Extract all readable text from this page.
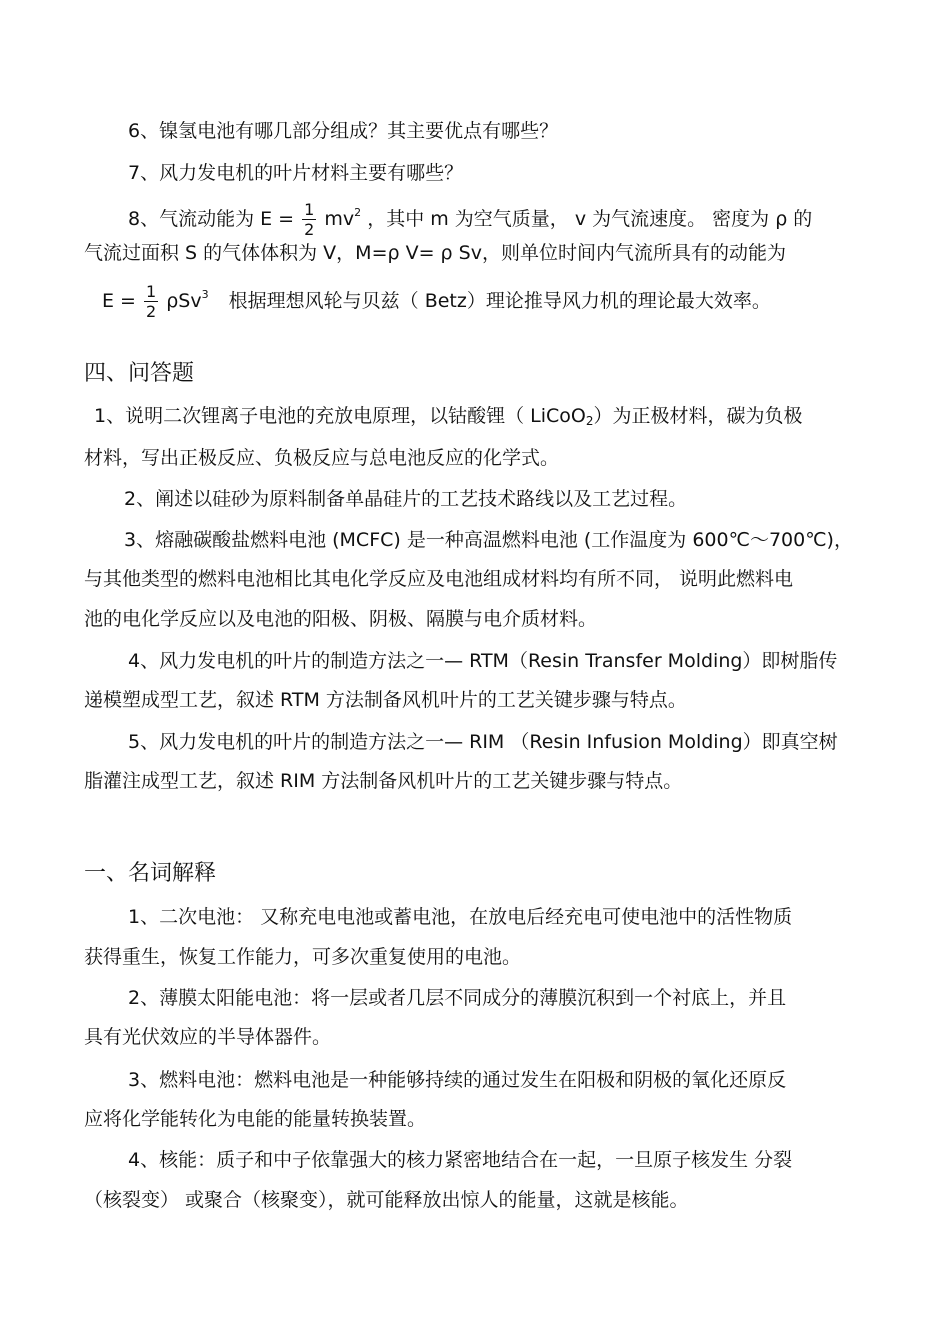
6、镍氢电池有哪几部分组成？其主要优点有哪些？
7、风力发电机的叶片材料主要有哪些？
8、气流动能为 $E = \frac{1}{2} mv^2$ ，其中 m 为空气质量， v 为气流速度。 密度为 ρ 的
气流过面积 S 的气体体积为 V，M=ρ V= ρ Sv，则单位时间内气流所具有的动能为
$E = \frac{1}{2} \rho Sv^3$ 根据理想风轮与贝兹（ Betz）理论推导风力机的理论最大效率。
四、问答题
1、说明二次锂离子电池的充放电原理，以钴酸锂（ LiCoO$_2$）为正极材料，碳为负极
材料，写出正极反应、负极反应与总电池反应的化学式。
2、阐述以硅砂为原料制备单晶硅片的工艺技术路线以及工艺过程。
3、熔融碳酸盐燃料电池 (MCFC) 是一种高温燃料电池 (工作温度为 600℃～700℃)，
与其他类型的燃料电池相比其电化学反应及电池组成材料均有所不同， 说明此燃料电
池的电化学反应以及电池的阳极、阴极、隔膜与电介质材料。
4、风力发电机的叶片的制造方法之一— RTM（Resin Transfer Molding）即树脂传
递模塑成型工艺，叙述 RTM 方法制备风机叶片的工艺关键步骤与特点。
5、风力发电机的叶片的制造方法之一— RIM （Resin Infusion Molding）即真空树
脂灌注成型工艺，叙述 RIM 方法制备风机叶片的工艺关键步骤与特点。
一、名词解释
1、二次电池： 又称充电电池或蓄电池，在放电后经充电可使电池中的活性物质
获得重生，恢复工作能力，可多次重复使用的电池。
2、薄膜太阳能电池：将一层或者几层不同成分的薄膜沉积到一个衬底上，并且
具有光伏效应的半导体器件。
3、燃料电池：燃料电池是一种能够持续的通过发生在阳极和阴极的氧化还原反
应将化学能转化为电能的能量转换装置。
4、核能：质子和中子依靠强大的核力紧密地结合在一起，一旦原子核发生 分裂
（核裂变） 或聚合（核聚变），就可能释放出惊人的能量，这就是核能。
